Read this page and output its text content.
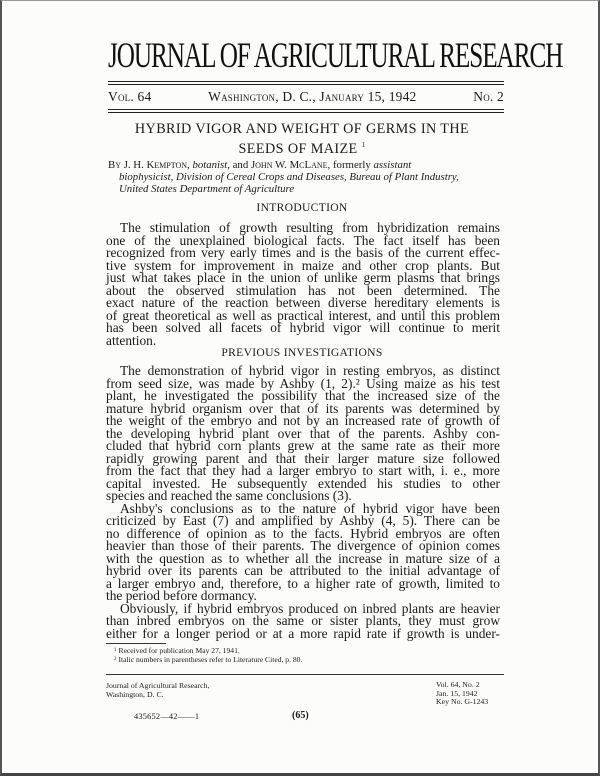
JOURNAL OF AGRICULTURAL RESEARCH
Vol. 64	Washington, D. C., January 15, 1942	No. 2
HYBRID VIGOR AND WEIGHT OF GERMS IN THE
SEEDS OF MAIZE $^1$
By J. H. Kempton, botanist, and John W. McLane, formerly assistant
biophysicist, Division of Cereal Crops and Diseases, Bureau of Plant Industry,
United States Department of Agriculture
INTRODUCTION
The stimulation of growth resulting from hybridization remains
one of the unexplained biological facts. The fact itself has been
recognized from very early times and is the basis of the current effec-
tive system for improvement in maize and other crop plants. But
just what takes place in the union of unlike germ plasms that brings
about the observed stimulation has not been determined. The
exact nature of the reaction between diverse hereditary elements is
of great theoretical as well as practical interest, and until this problem
has been solved all facets of hybrid vigor will continue to merit
attention.
PREVIOUS INVESTIGATIONS
The demonstration of hybrid vigor in resting embryos, as distinct
from seed size, was made by Ashby (1, 2).² Using maize as his test
plant, he investigated the possibility that the increased size of the
mature hybrid organism over that of its parents was determined by
the weight of the embryo and not by an increased rate of growth of
the developing hybrid plant over that of the parents. Ashby con-
cluded that hybrid corn plants grew at the same rate as their more
rapidly growing parent and that their larger mature size followed
from the fact that they had a larger embryo to start with, i. e., more
capital invested. He subsequently extended his studies to other
species and reached the same conclusions (3).
Ashby's conclusions as to the nature of hybrid vigor have been
criticized by East (7) and amplified by Ashby (4, 5). There can be
no difference of opinion as to the facts. Hybrid embryos are often
heavier than those of their parents. The divergence of opinion comes
with the question as to whether all the increase in mature size of a
hybrid over its parents can be attributed to the initial advantage of
a larger embryo and, therefore, to a higher rate of growth, limited to
the period before dormancy.
Obviously, if hybrid embryos produced on inbred plants are heavier
than inbred embryos on the same or sister plants, they must grow
either for a longer period or at a more rapid rate if growth is under-
$^1$ Received for publication May 27, 1941.
$^2$ Italic numbers in parentheses refer to Literature Cited, p. 80.
Journal of Agricultural Research,
Washington, D. C.
Vol. 64, No. 2
Jan. 15, 1942
Key No. G-1243
435652—42——1	(65)
